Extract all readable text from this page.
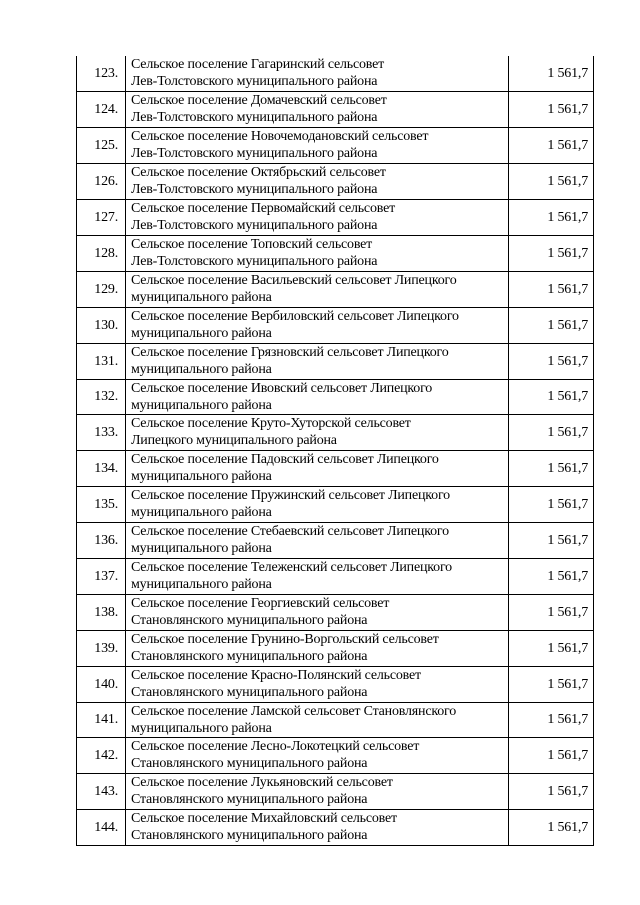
123.	Сельское поселение Гагаринский сельсовет
Лев-Толстовского муниципального района	1 561,7
124.	Сельское поселение Домачевский сельсовет
Лев-Толстовского муниципального района	1 561,7
125.	Сельское поселение Новочемодановский сельсовет
Лев-Толстовского муниципального района	1 561,7
126.	Сельское поселение Октябрьский сельсовет
Лев-Толстовского муниципального района	1 561,7
127.	Сельское поселение Первомайский сельсовет
Лев-Толстовского муниципального района	1 561,7
128.	Сельское поселение Топовский сельсовет
Лев-Толстовского муниципального района	1 561,7
129.	Сельское поселение Васильевский сельсовет Липецкого
муниципального района	1 561,7
130.	Сельское поселение Вербиловский сельсовет Липецкого
муниципального района	1 561,7
131.	Сельское поселение Грязновский сельсовет Липецкого
муниципального района	1 561,7
132.	Сельское поселение Ивовский сельсовет Липецкого
муниципального района	1 561,7
133.	Сельское поселение Круто-Хуторской сельсовет
Липецкого муниципального района	1 561,7
134.	Сельское поселение Падовский сельсовет Липецкого
муниципального района	1 561,7
135.	Сельское поселение Пружинский сельсовет Липецкого
муниципального района	1 561,7
136.	Сельское поселение Стебаевский сельсовет Липецкого
муниципального района	1 561,7
137.	Сельское поселение Тележенский сельсовет Липецкого
муниципального района	1 561,7
138.	Сельское поселение Георгиевский сельсовет
Становлянского муниципального района	1 561,7
139.	Сельское поселение Грунино-Воргольский сельсовет
Становлянского муниципального района	1 561,7
140.	Сельское поселение Красно-Полянский сельсовет
Становлянского муниципального района	1 561,7
141.	Сельское поселение Ламской сельсовет Становлянского
муниципального района	1 561,7
142.	Сельское поселение Лесно-Локотецкий сельсовет
Становлянского муниципального района	1 561,7
143.	Сельское поселение Лукьяновский сельсовет
Становлянского муниципального района	1 561,7
144.	Сельское поселение Михайловский сельсовет
Становлянского муниципального района	1 561,7
